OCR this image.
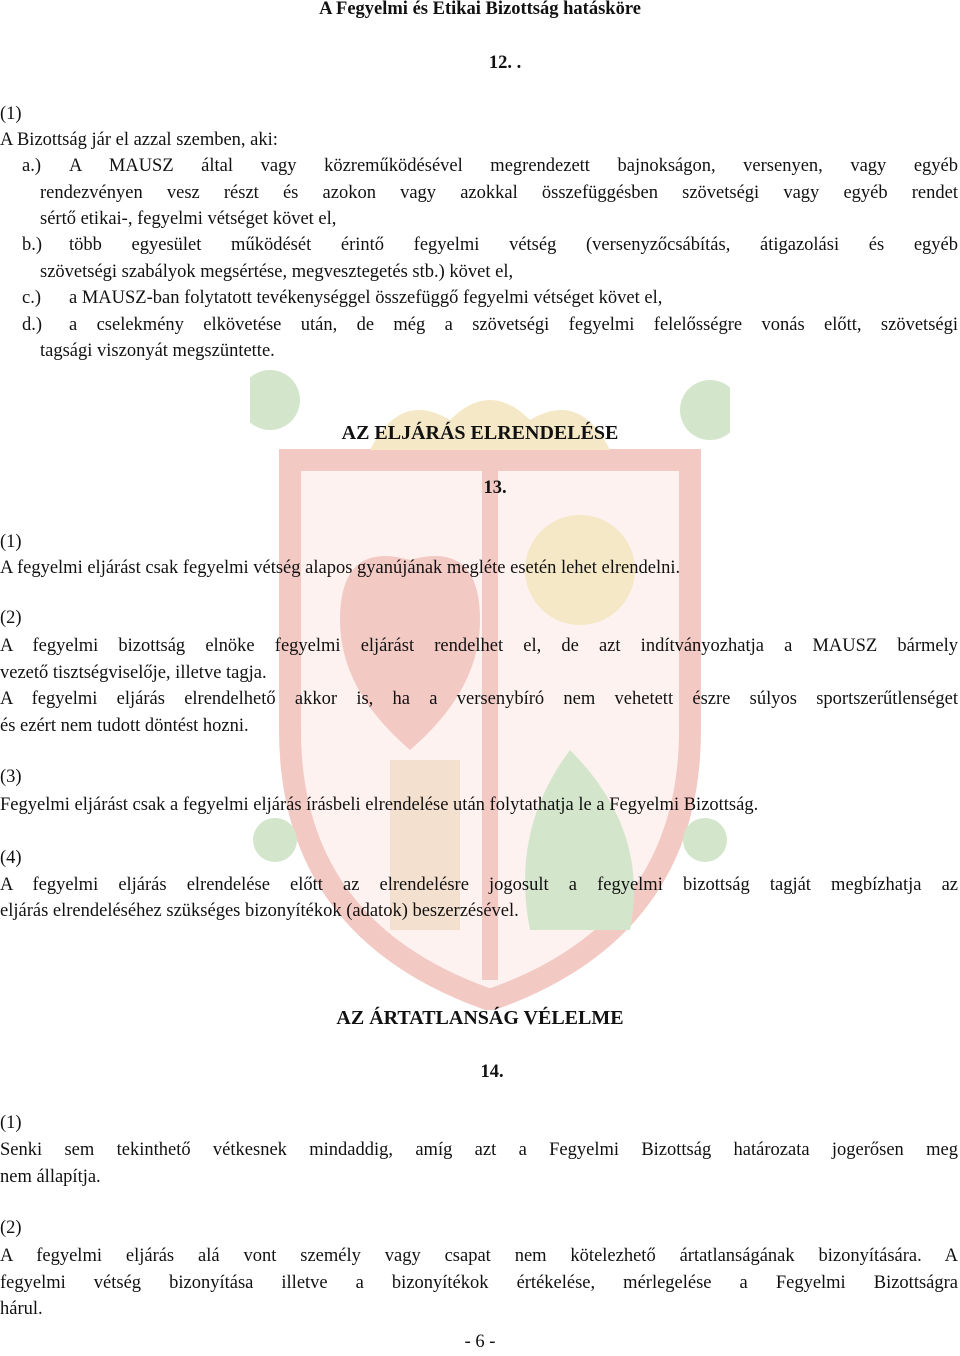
A Fegyelmi és Etikai Bizottság hatásköre
12. .
(1)
A Bizottság jár el azzal szemben, aki:
a.) A MAUSZ által vagy közreműködésével megrendezett bajnokságon, versenyen, vagy egyéb
rendezvényen vesz részt és azokon vagy azokkal összefüggésben szövetségi vagy egyéb rendet
sértő etikai-, fegyelmi vétséget követ el,
b.) több egyesület működését érintő fegyelmi vétség (versenyzőcsábítás, átigazolási és egyéb
szövetségi szabályok megsértése, megvesztegetés stb.) követ el,
c.) a MAUSZ-ban folytatott tevékenységgel összefüggő fegyelmi vétséget követ el,
d.) a cselekmény elkövetése után, de még a szövetségi fegyelmi felelősségre vonás előtt, szövetségi
tagsági viszonyát megszüntette.
AZ ELJÁRÁS ELRENDELÉSE
13.
(1)
A fegyelmi eljárást csak fegyelmi vétség alapos gyanújának megléte esetén lehet elrendelni.
(2)
A fegyelmi bizottság elnöke fegyelmi eljárást rendelhet el, de azt indítványozhatja a MAUSZ bármely
vezető tisztségviselője, illetve tagja.
A fegyelmi eljárás elrendelhető akkor is, ha a versenybíró nem vehetett észre súlyos sportszerűtlenséget
és ezért nem tudott döntést hozni.
(3)
Fegyelmi eljárást csak a fegyelmi eljárás írásbeli elrendelése után folytathatja le a Fegyelmi Bizottság.
(4)
A fegyelmi eljárás elrendelése előtt az elrendelésre jogosult a fegyelmi bizottság tagját megbízhatja az
eljárás elrendeléséhez szükséges bizonyítékok (adatok) beszerzésével.
AZ ÁRTATLANSÁG VÉLELME
14.
(1)
Senki sem tekinthető vétkesnek mindaddig, amíg azt a Fegyelmi Bizottság határozata jogerősen meg
nem állapítja.
(2)
A fegyelmi eljárás alá vont személy vagy csapat nem kötelezhető ártatlanságának bizonyítására. A
fegyelmi vétség bizonyítása illetve a bizonyítékok értékelése, mérlegelése a Fegyelmi Bizottságra
hárul.
- 6 -
